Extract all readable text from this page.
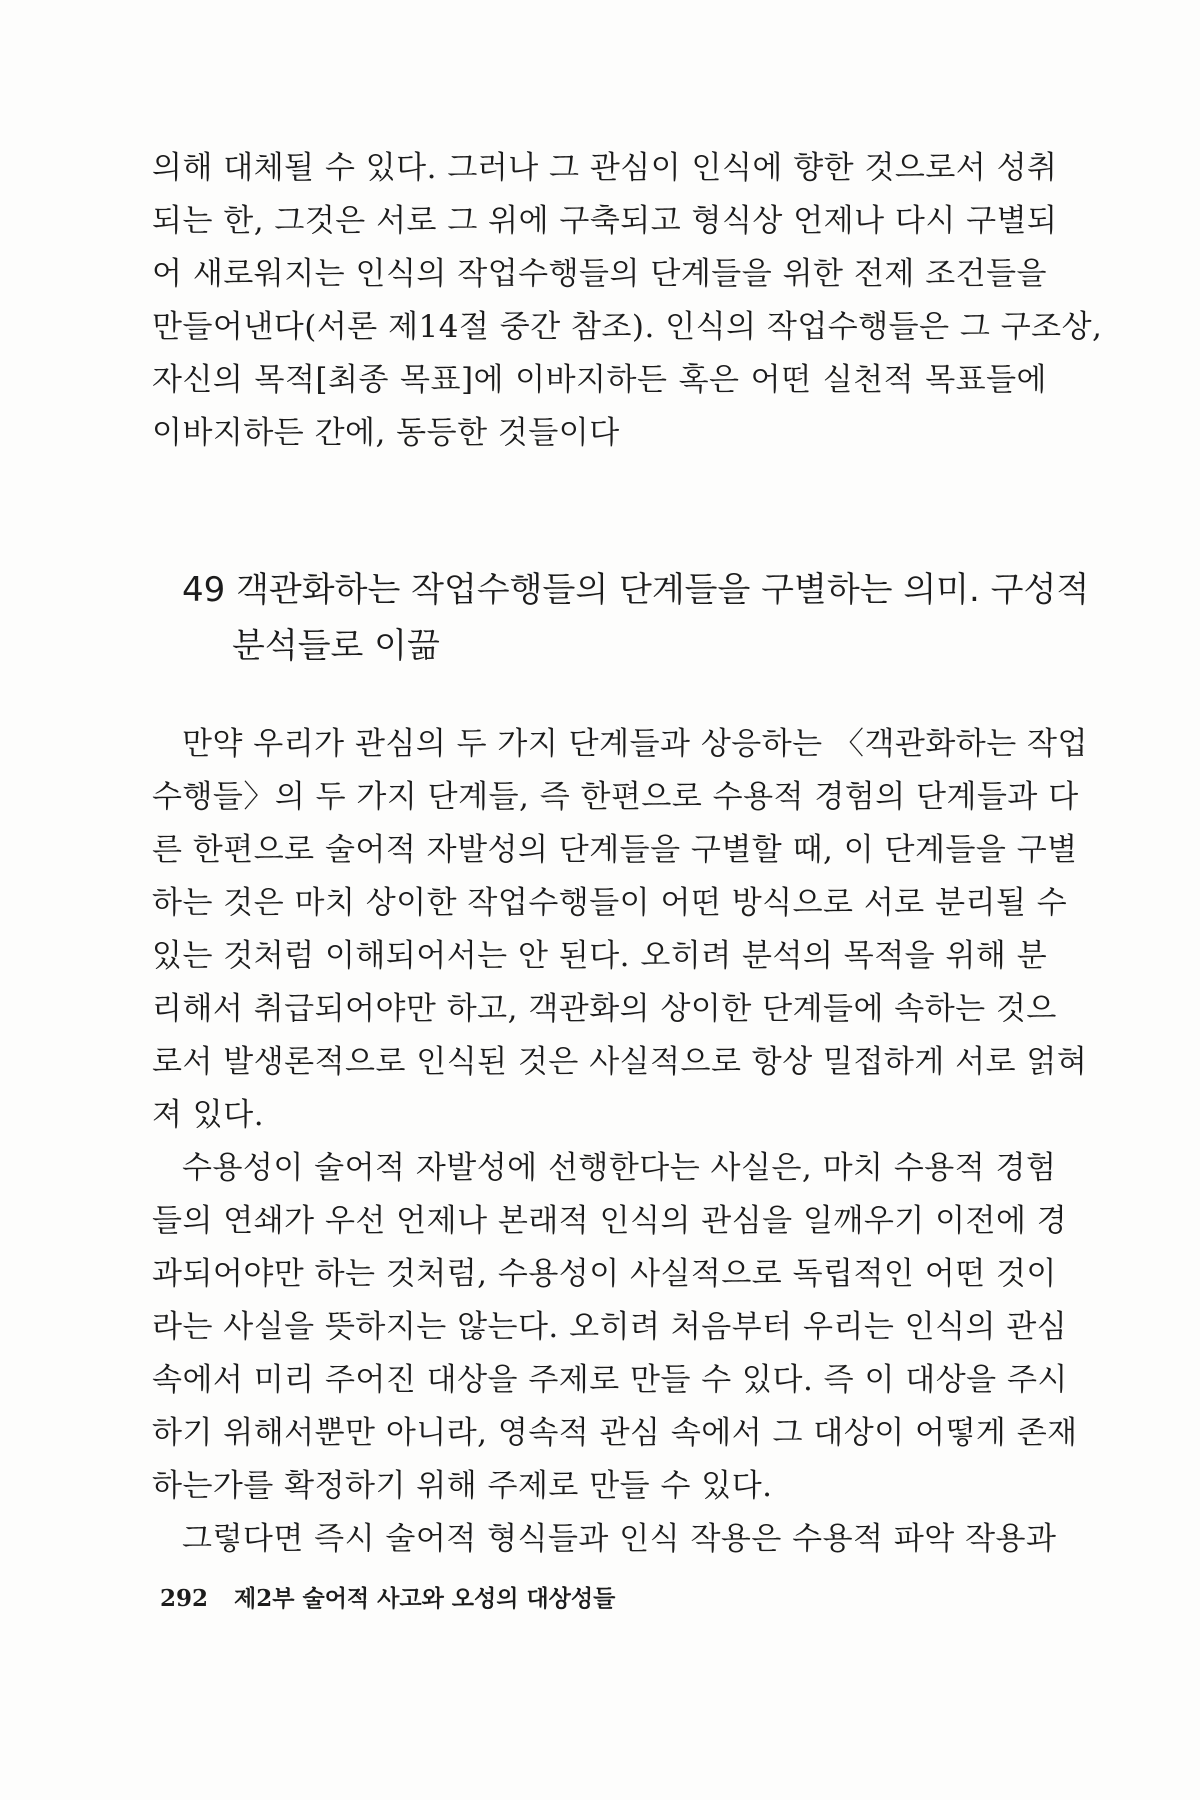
의해 대체될 수 있다. 그러나 그 관심이 인식에 향한 것으로서 성취
되는 한, 그것은 서로 그 위에 구축되고 형식상 언제나 다시 구별되
어 새로워지는 인식의 작업수행들의 단계들을 위한 전제 조건들을
만들어낸다(서론 제14절 중간 참조). 인식의 작업수행들은 그 구조상,
자신의 목적[최종 목표]에 이바지하든 혹은 어떤 실천적 목표들에
이바지하든 간에, 동등한 것들이다
49 객관화하는 작업수행들의 단계들을 구별하는 의미. 구성적
분석들로 이끎
만약 우리가 관심의 두 가지 단계들과 상응하는 〈객관화하는 작업
수행들〉의 두 가지 단계들, 즉 한편으로 수용적 경험의 단계들과 다
른 한편으로 술어적 자발성의 단계들을 구별할 때, 이 단계들을 구별
하는 것은 마치 상이한 작업수행들이 어떤 방식으로 서로 분리될 수
있는 것처럼 이해되어서는 안 된다. 오히려 분석의 목적을 위해 분
리해서 취급되어야만 하고, 객관화의 상이한 단계들에 속하는 것으
로서 발생론적으로 인식된 것은 사실적으로 항상 밀접하게 서로 얽혀
져 있다.
수용성이 술어적 자발성에 선행한다는 사실은, 마치 수용적 경험
들의 연쇄가 우선 언제나 본래적 인식의 관심을 일깨우기 이전에 경
과되어야만 하는 것처럼, 수용성이 사실적으로 독립적인 어떤 것이
라는 사실을 뜻하지는 않는다. 오히려 처음부터 우리는 인식의 관심
속에서 미리 주어진 대상을 주제로 만들 수 있다. 즉 이 대상을 주시
하기 위해서뿐만 아니라, 영속적 관심 속에서 그 대상이 어떻게 존재
하는가를 확정하기 위해 주제로 만들 수 있다.
그렇다면 즉시 술어적 형식들과 인식 작용은 수용적 파악 작용과
292 제2부 술어적 사고와 오성의 대상성들
